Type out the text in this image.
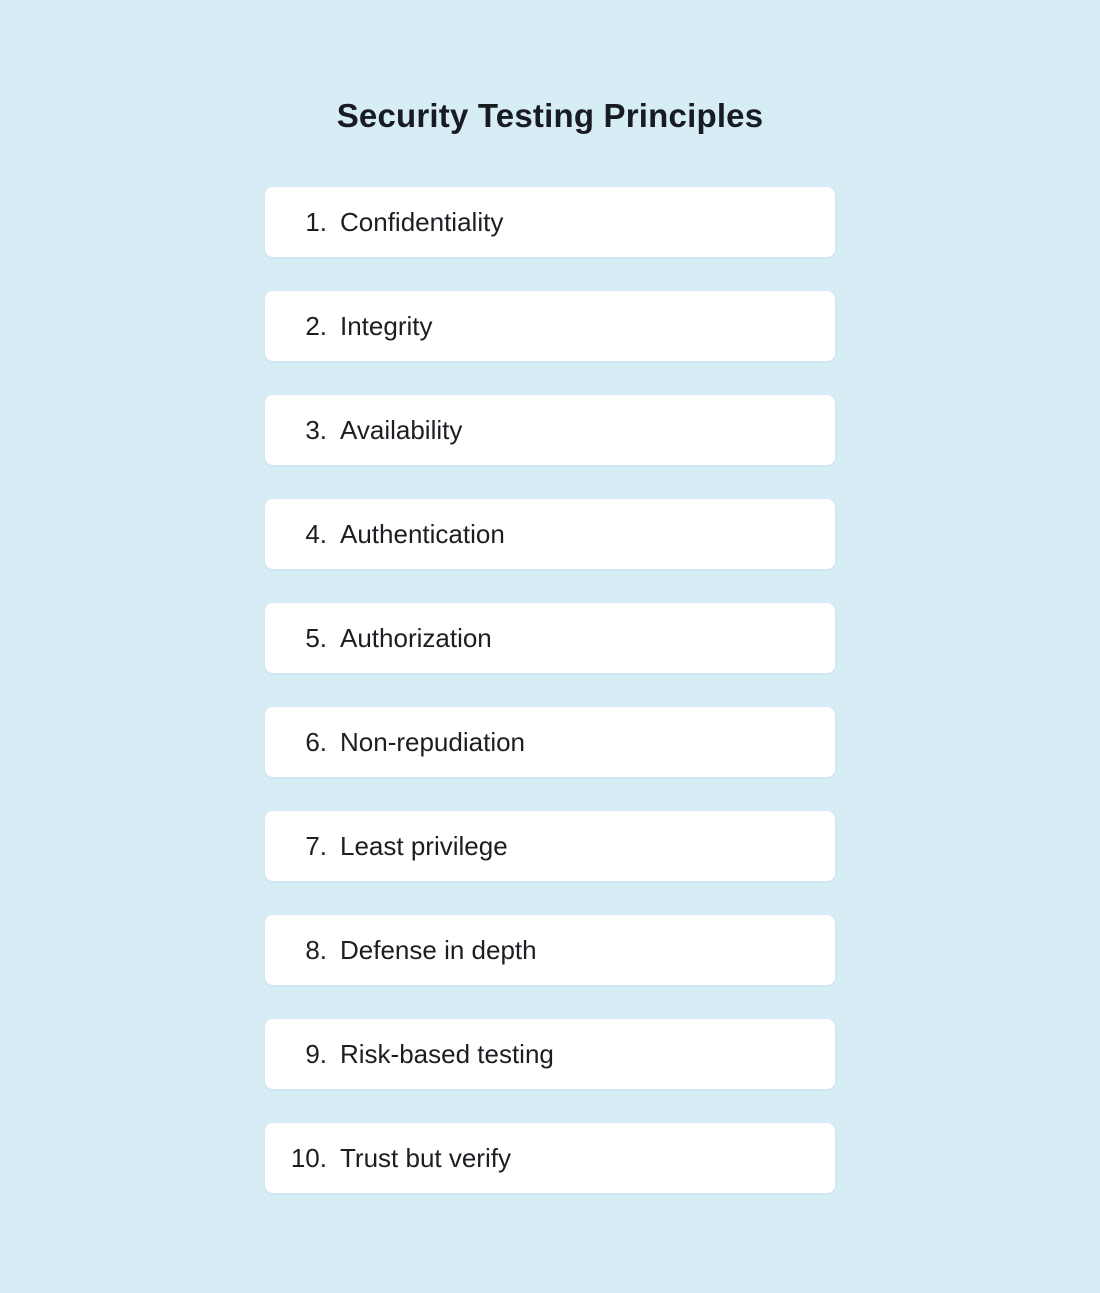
Security Testing Principles
1. Confidentiality
2. Integrity
3. Availability
4. Authentication
5. Authorization
6. Non-repudiation
7. Least privilege
8. Defense in depth
9. Risk-based testing
10. Trust but verify
